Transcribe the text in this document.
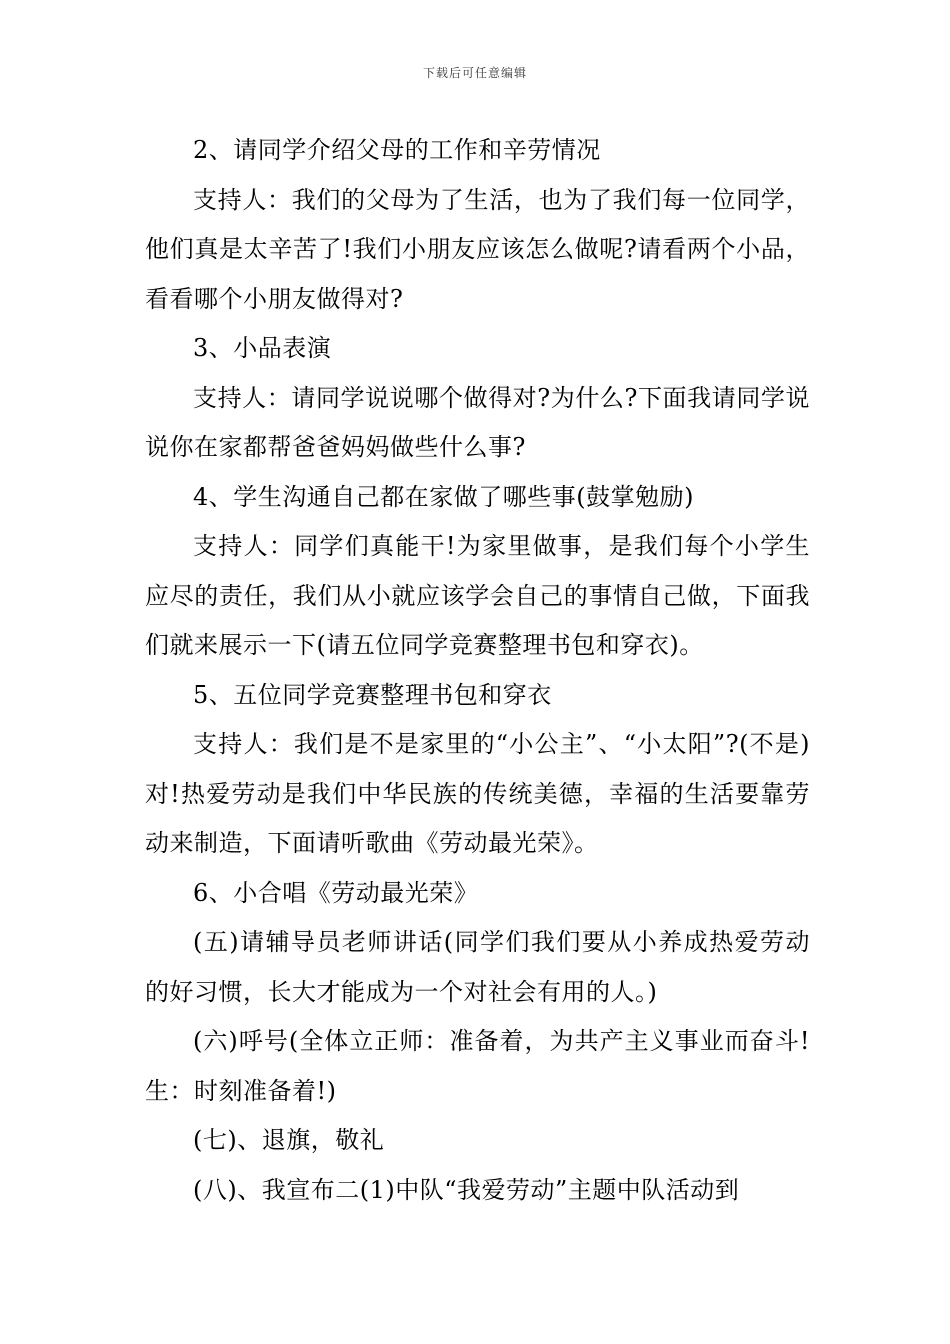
下载后可任意编辑

2、请同学介绍父母的工作和辛劳情况

支持人：我们的父母为了生活，也为了我们每一位同学，他们真是太辛苦了!我们小朋友应该怎么做呢?请看两个小品，看看哪个小朋友做得对?

3、小品表演

支持人：请同学说说哪个做得对?为什么?下面我请同学说说你在家都帮爸爸妈妈做些什么事?

4、学生沟通自己都在家做了哪些事(鼓掌勉励)

支持人：同学们真能干!为家里做事，是我们每个小学生应尽的责任，我们从小就应该学会自己的事情自己做，下面我们就来展示一下(请五位同学竞赛整理书包和穿衣)。

5、五位同学竞赛整理书包和穿衣

支持人：我们是不是家里的“小公主”、“小太阳”?(不是)对!热爱劳动是我们中华民族的传统美德，幸福的生活要靠劳动来制造，下面请听歌曲《劳动最光荣》。

6、小合唱《劳动最光荣》

(五)请辅导员老师讲话(同学们我们要从小养成热爱劳动的好习惯，长大才能成为一个对社会有用的人。)

(六)呼号(全体立正师：准备着，为共产主义事业而奋斗!生：时刻准备着!)

(七)、退旗，敬礼

(八)、我宣布二(1)中队“我爱劳动”主题中队活动到
